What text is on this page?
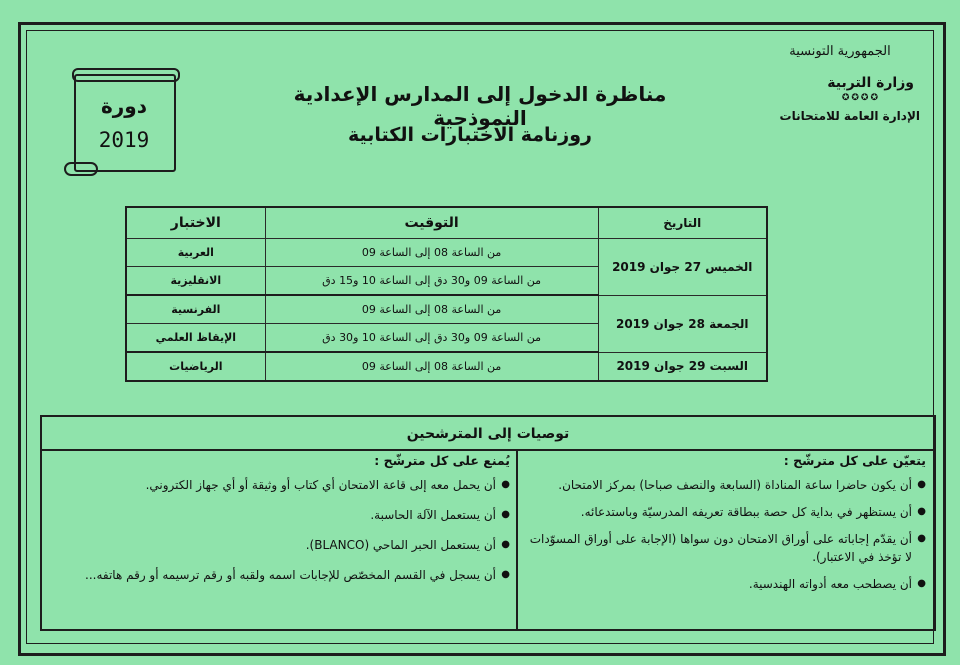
الجمهورية التونسية
وزارة التربية
✪✪✪✪
الإدارة العامة للامتحانات
مناظرة الدخول إلى المدارس الإعدادية النموذجية
روزنامة الاختبارات الكتابية
دورة
2019
التاريخ	التوقيت	الاختبار
الخميس 27 جوان 2019	من الساعة 08 إلى الساعة 09	العربية
	من الساعة 09 و30 دق إلى الساعة 10 و15 دق	الانقليزية
الجمعة 28 جوان 2019	من الساعة 08 إلى الساعة 09	الفرنسية
	من الساعة 09 و30 دق إلى الساعة 10 و30 دق	الإيقاظ العلمي
السبت 29 جوان 2019	من الساعة 08 إلى الساعة 09	الرياضيات
توصيات إلى المترشحين
يتعيّن على كل مترشّح :
● أن يكون حاضرا ساعة المناداة (السابعة والنصف صباحا) بمركز الامتحان.
● أن يستظهر في بداية كل حصة ببطاقة تعريفه المدرسيّة وباستدعائه.
● أن يقدّم إجاباته على أوراق الامتحان دون سواها (الإجابة على أوراق المسوّدات لا تؤخذ في الاعتبار).
● أن يصطحب معه أدواته الهندسية.
يُمنع على كل مترشّح :
● أن يحمل معه إلى قاعة الامتحان أي كتاب أو وثيقة أو أي جهاز الكتروني.
● أن يستعمل الآلة الحاسبة.
● أن يستعمل الحبر الماحي (BLANCO).
● أن يسجل في القسم المخصّص للإجابات اسمه ولقبه أو رقم ترسيمه أو رقم هاتفه...
